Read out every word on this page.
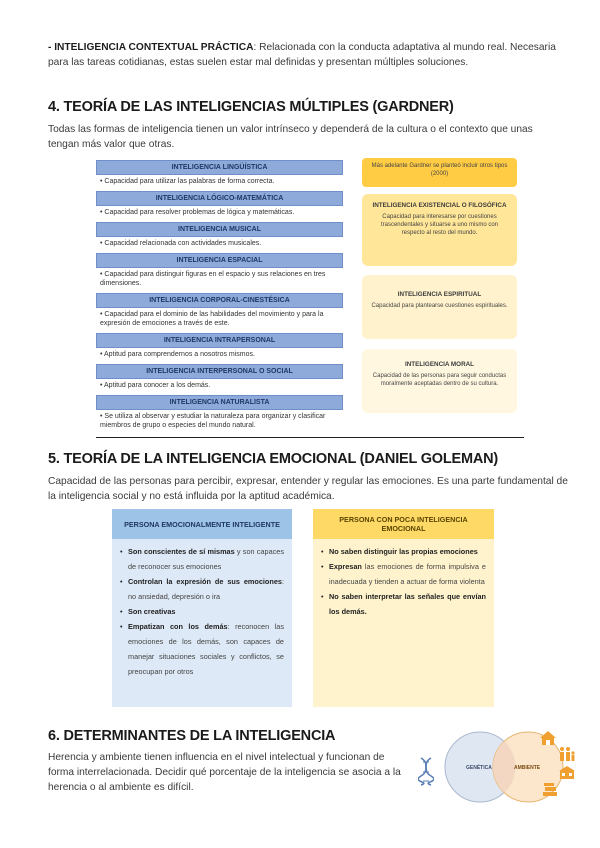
- INTELIGENCIA CONTEXTUAL PRÁCTICA: Relacionada con la conducta adaptativa al mundo real. Necesaria para las tareas cotidianas, estas suelen estar mal definidas y presentan múltiples soluciones.
4. TEORÍA DE LAS INTELIGENCIAS MÚLTIPLES (GARDNER)
Todas las formas de inteligencia tienen un valor intrínseco y dependerá de la cultura o el contexto que unas tengan más valor que otras.
INTELIGENCIA LINGÜÍSTICA
• Capacidad para utilizar las palabras de forma correcta.
INTELIGENCIA LÓGICO-MATEMÁTICA
• Capacidad para resolver problemas de lógica y matemáticas.
INTELIGENCIA MUSICAL
• Capacidad relacionada con actividades musicales.
INTELIGENCIA ESPACIAL
• Capacidad para distinguir figuras en el espacio y sus relaciones en tres dimensiones.
INTELIGENCIA CORPORAL-CINESTÉSICA
• Capacidad para el dominio de las habilidades del movimiento y para la expresión de emociones a través de este.
INTELIGENCIA INTRAPERSONAL
• Aptitud para comprendernos a nosotros mismos.
INTELIGENCIA INTERPERSONAL O SOCIAL
• Aptitud para conocer a los demás.
INTELIGENCIA NATURALISTA
• Se utiliza al observar y estudiar la naturaleza para organizar y clasificar miembros de grupo o especies del mundo natural.
Más adelante Gardner se planteó incluir otros tipos (2000)
INTELIGENCIA EXISTENCIAL O FILOSÓFICA
Capacidad para interesarse por cuestiones trascendentales y situarse a uno mismo con respecto al resto del mundo.
INTELIGENCIA ESPIRITUAL
Capacidad para plantearse cuestiones espirituales.
INTELIGENCIA MORAL
Capacidad de las personas para seguir conductas moralmente aceptadas dentro de su cultura.
5. TEORÍA DE LA INTELIGENCIA EMOCIONAL (DANIEL GOLEMAN)
Capacidad de las personas para percibir, expresar, entender y regular las emociones. Es una parte fundamental de la inteligencia social y no está influida por la aptitud académica.
PERSONA EMOCIONALMENTE INTELIGENTE
• Son conscientes de sí mismas y son capaces de reconocer sus emociones
• Controlan la expresión de sus emociones: no ansiedad, depresión o ira
• Son creativas
• Empatizan con los demás: reconocen las emociones de los demás, son capaces de manejar situaciones sociales y conflictos, se preocupan por otros
PERSONA CON POCA INTELIGENCIA EMOCIONAL
• No saben distinguir las propias emociones
• Expresan las emociones de forma impulsiva e inadecuada y tienden a actuar de forma violenta
• No saben interpretar las señales que envían los demás.
6. DETERMINANTES DE LA INTELIGENCIA
Herencia y ambiente tienen influencia en el nivel intelectual y funcionan de forma interrelacionada. Decidir qué porcentaje de la inteligencia se asocia a la herencia o al ambiente es difícil.
GENÉTICA	AMBIENTE
